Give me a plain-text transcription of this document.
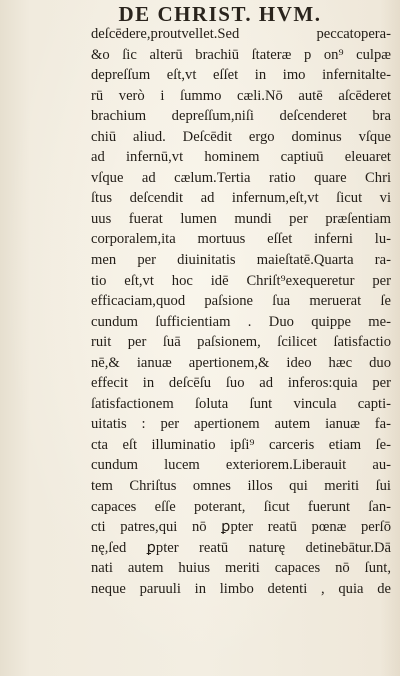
DE CHRIST. HVM.
deſcēdere,proutvellet.Sed peccatopera-
&o ſic alterū brachiū ſtateræ p on⁹ culpæ
depreſſum eſt,vt eſſet in imo infernitalte-
rū verò i ſummo cæli.Nō autē aſcēderet
brachium depreſſum,niſi deſcenderet bra
chiū aliud. Deſcēdit ergo dominus vſque
ad infernū,vt hominem captiuū eleuaret
vſque ad cælum.Tertia ratio quare Chri
ſtus deſcendit ad infernum,eſt,vt ſicut vi
uus fuerat lumen mundi per præſentiam
corporalem,ita mortuus eſſet inferni lu-
men per diuinitatis maieſtatē.Quarta ra-
tio eſt,vt hoc idē Chriſt⁹exequeretur per
efficaciam,quod paſsione ſua meruerat ſe
cundum ſufficientiam . Duo quippe me-
ruit per ſuā paſsionem, ſcilicet ſatisfactio
nē,& ianuæ apertionem,& ideo hæc duo
effecit in deſcēſu ſuo ad inferos:quia per
ſatisfactionem ſoluta ſunt vincula capti-
uitatis : per apertionem autem ianuæ fa-
cta eſt illuminatio ipſi⁹ carceris etiam ſe-
cundum lucem exteriorem.Liberauit au-
tem Chriſtus omnes illos qui meriti ſui
capaces eſſe poterant, ſicut fuerunt ſan-
cti patres,qui nō ꝑpter reatū pœnæ perſō
nę,ſed ꝑpter reatū naturę detinebātur.Dā
nati autem huius meriti capaces nō ſunt,
neque paruuli in limbo detenti , quia de
